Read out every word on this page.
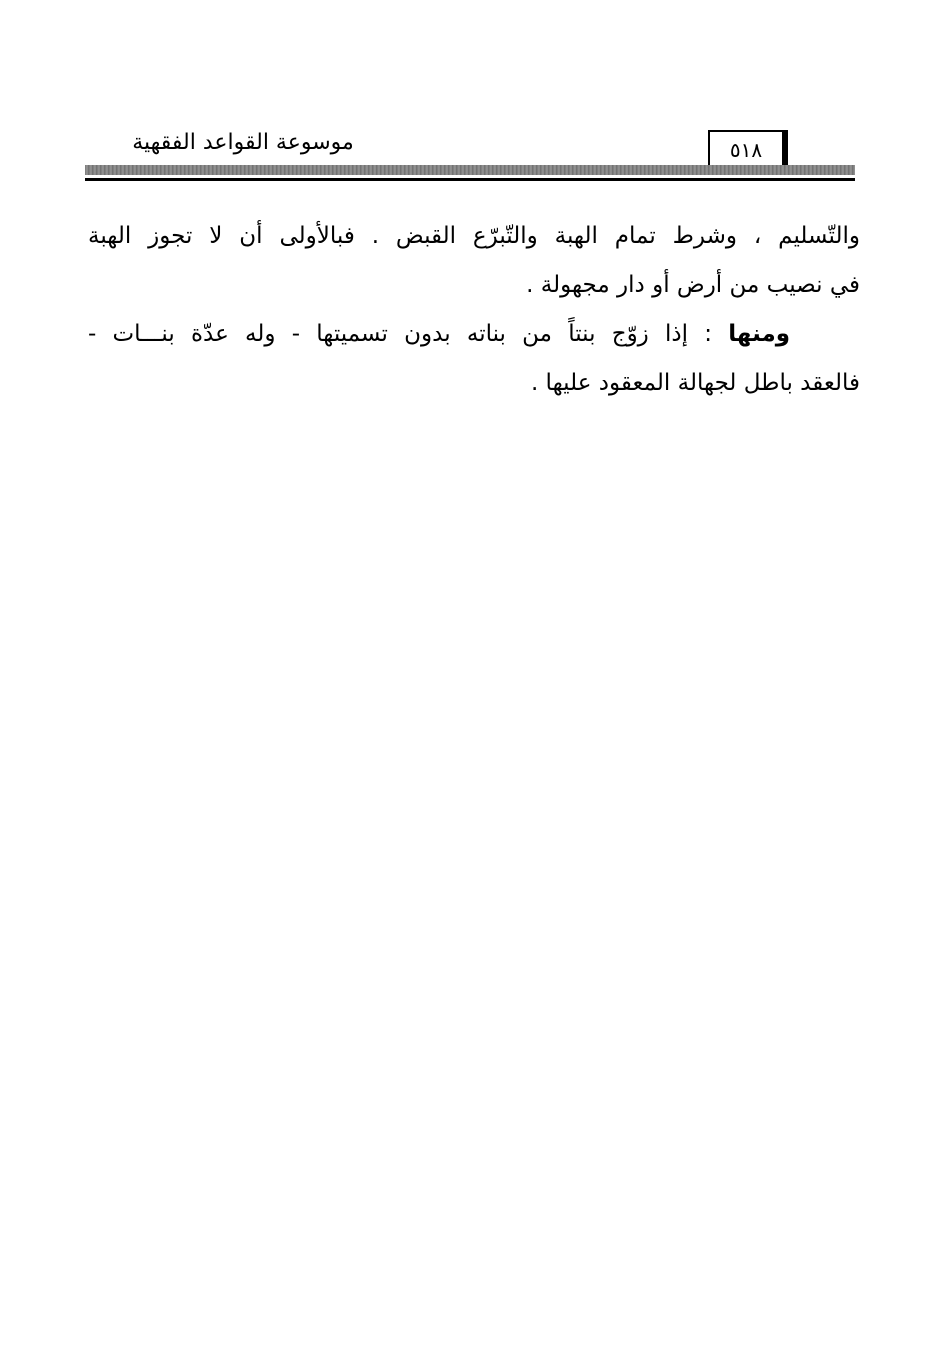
موسوعة القواعد الفقهية	٥١٨
والتّسليم ، وشرط تمام الهبة والتّبرّع القبض . فبالأولى أن لا تجوز الهبة
في نصيب من أرض أو دار مجهولة .
ومنها : إذا زوّج بنتاً من بناته بدون تسميتها - وله عدّة بنـــات -
فالعقد باطل لجهالة المعقود عليها .
